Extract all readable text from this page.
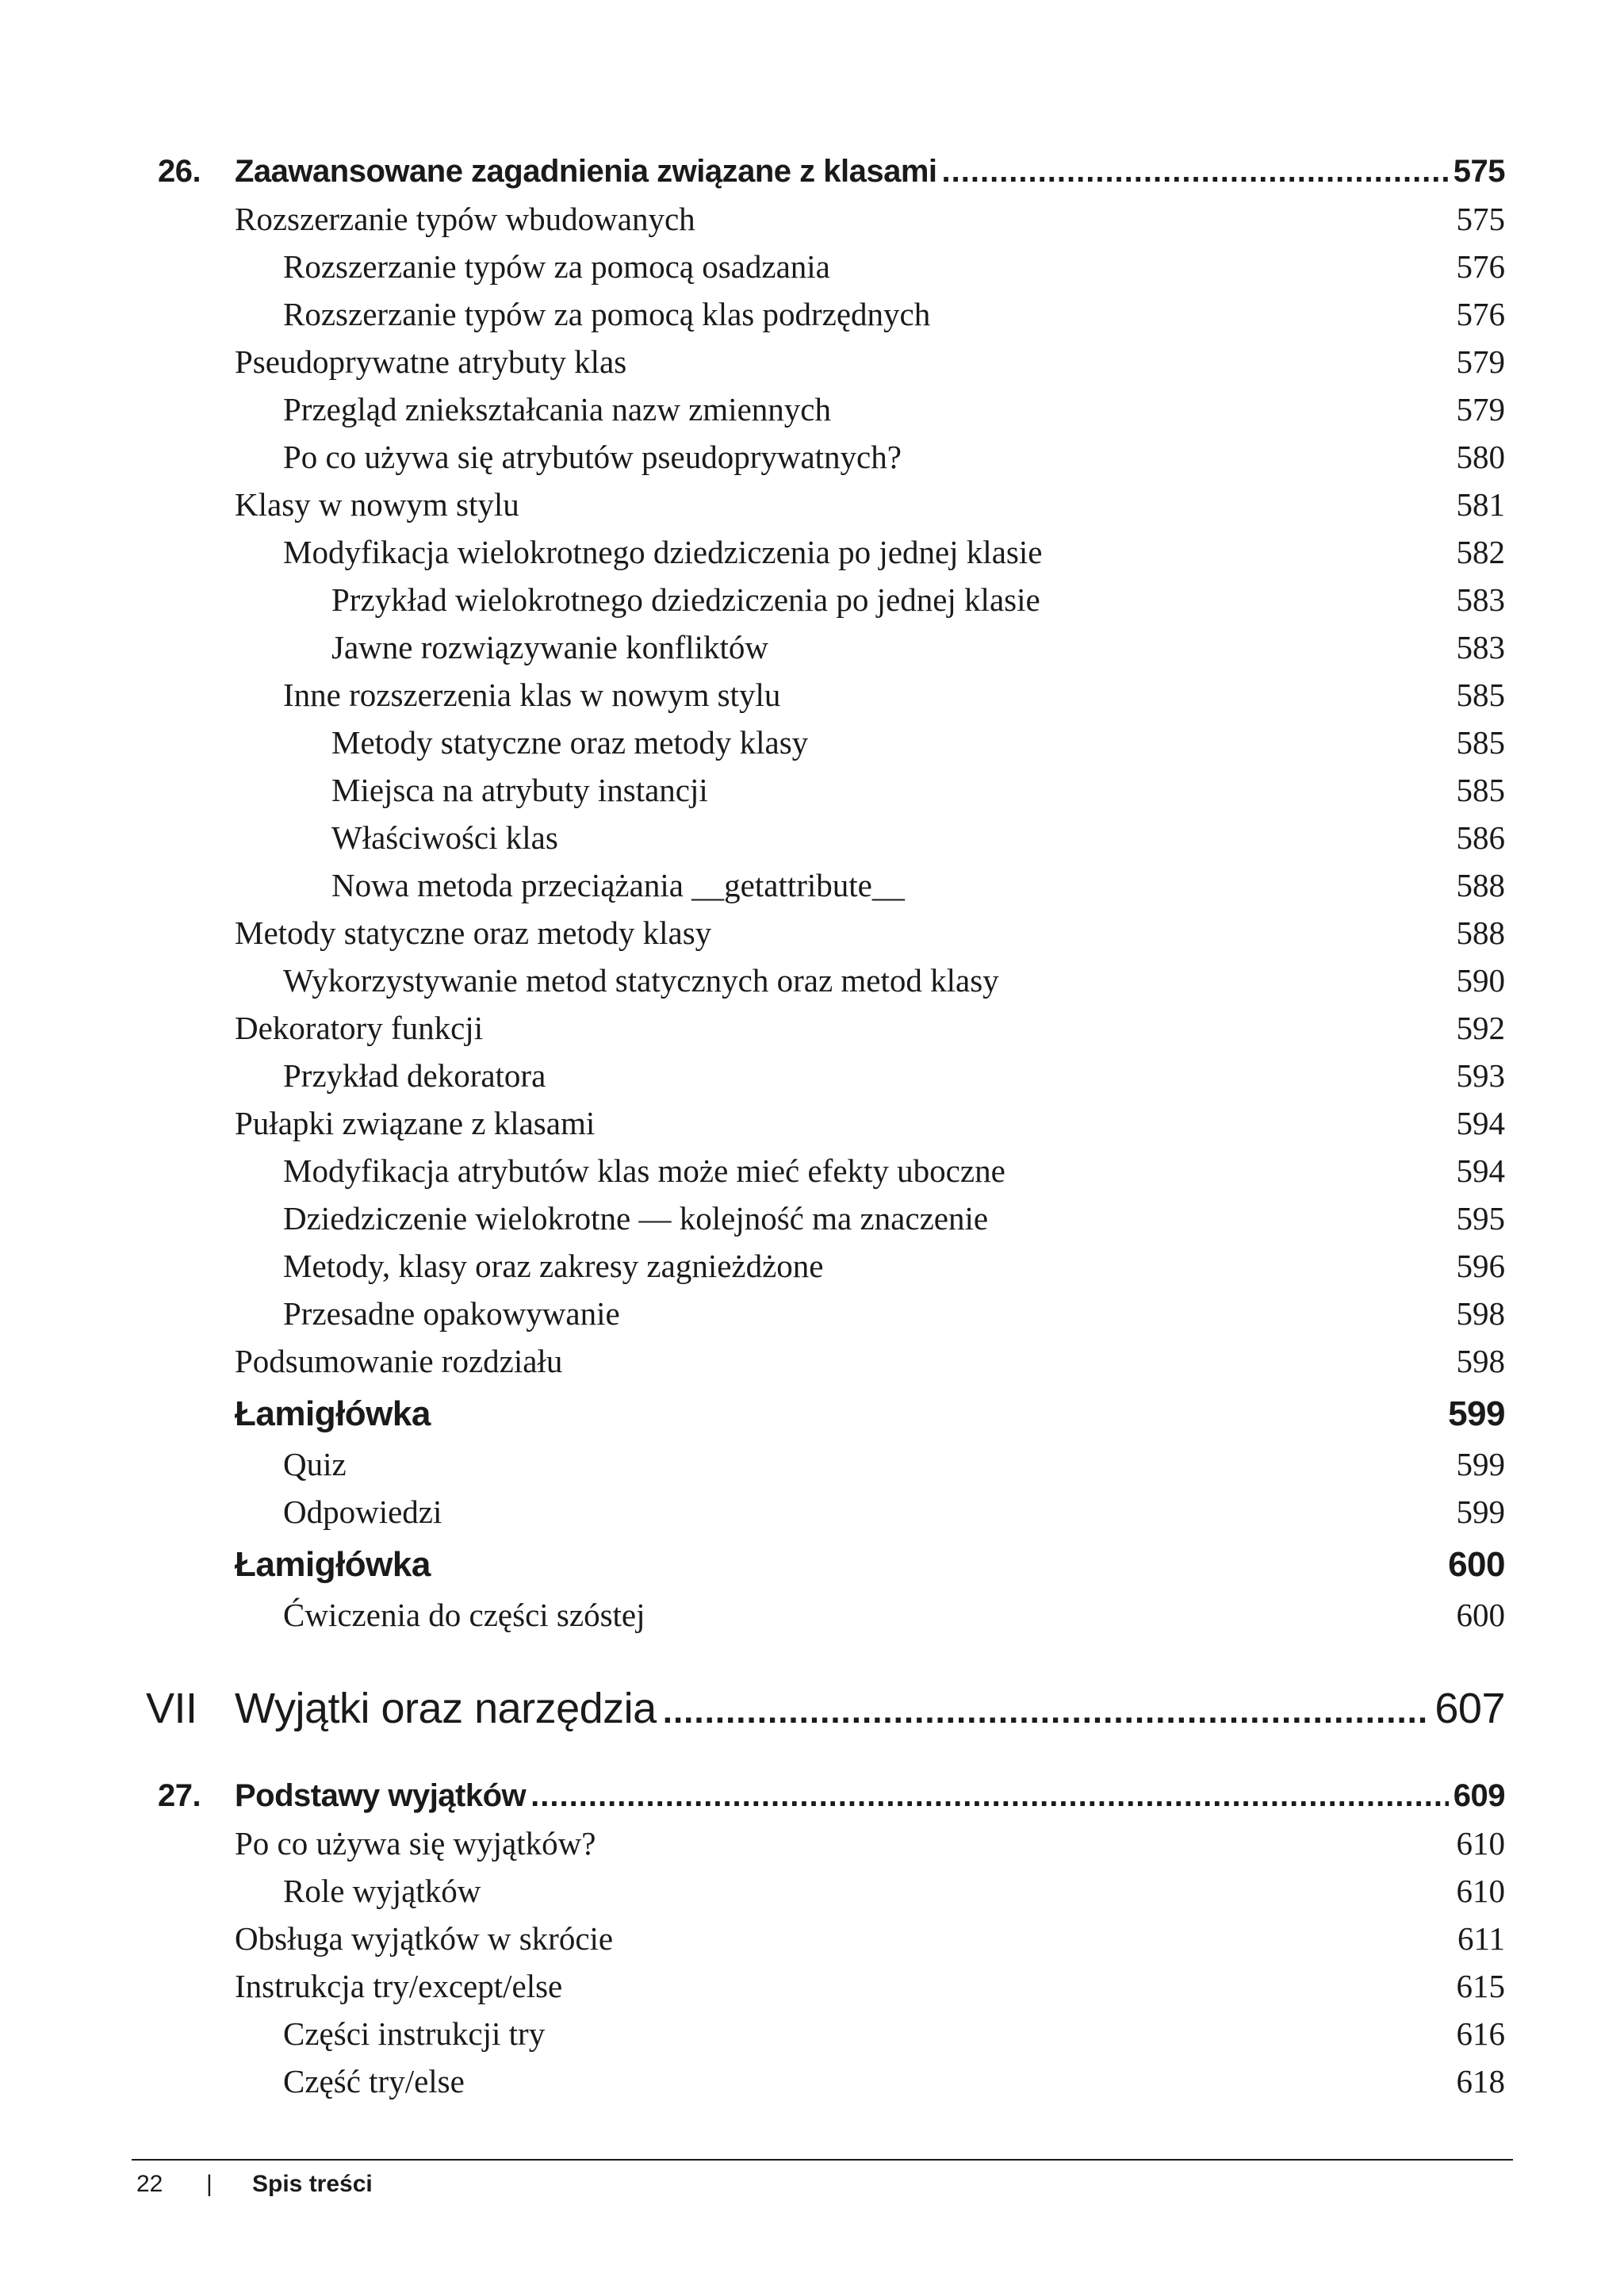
26. Zaawansowane zagadnienia związane z klasami .....	575
Rozszerzanie typów wbudowanych	575
Rozszerzanie typów za pomocą osadzania	576
Rozszerzanie typów za pomocą klas podrzędnych	576
Pseudoprywatne atrybuty klas	579
Przegląd zniekształcania nazw zmiennych	579
Po co używa się atrybutów pseudoprywatnych?	580
Klasy w nowym stylu	581
Modyfikacja wielokrotnego dziedziczenia po jednej klasie	582
Przykład wielokrotnego dziedziczenia po jednej klasie	583
Jawne rozwiązywanie konfliktów	583
Inne rozszerzenia klas w nowym stylu	585
Metody statyczne oraz metody klasy	585
Miejsca na atrybuty instancji	585
Właściwości klas	586
Nowa metoda przeciążania __getattribute__	588
Metody statyczne oraz metody klasy	588
Wykorzystywanie metod statycznych oraz metod klasy	590
Dekoratory funkcji	592
Przykład dekoratora	593
Pułapki związane z klasami	594
Modyfikacja atrybutów klas może mieć efekty uboczne	594
Dziedziczenie wielokrotne — kolejność ma znaczenie	595
Metody, klasy oraz zakresy zagnieżdżone	596
Przesadne opakowywanie	598
Podsumowanie rozdziału	598
Łamigłówka	599
Quiz	599
Odpowiedzi	599
Łamigłówka	600
Ćwiczenia do części szóstej	600
VII Wyjątki oraz narzędzia .....	607
27. Podstawy wyjątków .....	609
Po co używa się wyjątków?	610
Role wyjątków	610
Obsługa wyjątków w skrócie	611
Instrukcja try/except/else	615
Części instrukcji try	616
Część try/else	618
22 | Spis treści
